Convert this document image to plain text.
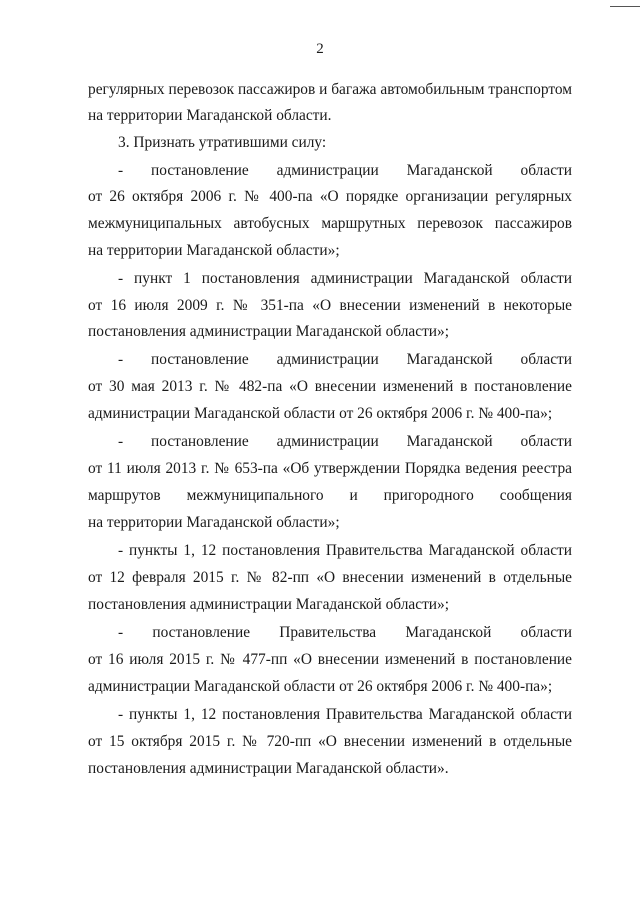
2
регулярных перевозок пассажиров и багажа автомобильным транспортом
на территории Магаданской области.
3. Признать утратившими силу:
- постановление администрации Магаданской области
от 26 октября 2006 г. № 400-па «О порядке организации регулярных
межмуниципальных автобусных маршрутных перевозок пассажиров
на территории Магаданской области»;
- пункт 1 постановления администрации Магаданской области
от 16 июля 2009 г. № 351-па «О внесении изменений в некоторые
постановления администрации Магаданской области»;
- постановление администрации Магаданской области
от 30 мая 2013 г. № 482-па «О внесении изменений в постановление
администрации Магаданской области от 26 октября 2006 г. № 400-па»;
- постановление администрации Магаданской области
от 11 июля 2013 г. № 653-па «Об утверждении Порядка ведения реестра
маршрутов межмуниципального и пригородного сообщения
на территории Магаданской области»;
- пункты 1, 12 постановления Правительства Магаданской области
от 12 февраля 2015 г. № 82-пп «О внесении изменений в отдельные
постановления администрации Магаданской области»;
- постановление Правительства Магаданской области
от 16 июля 2015 г. № 477-пп «О внесении изменений в постановление
администрации Магаданской области от 26 октября 2006 г. № 400-па»;
- пункты 1, 12 постановления Правительства Магаданской области
от 15 октября 2015 г. № 720-пп «О внесении изменений в отдельные
постановления администрации Магаданской области».
